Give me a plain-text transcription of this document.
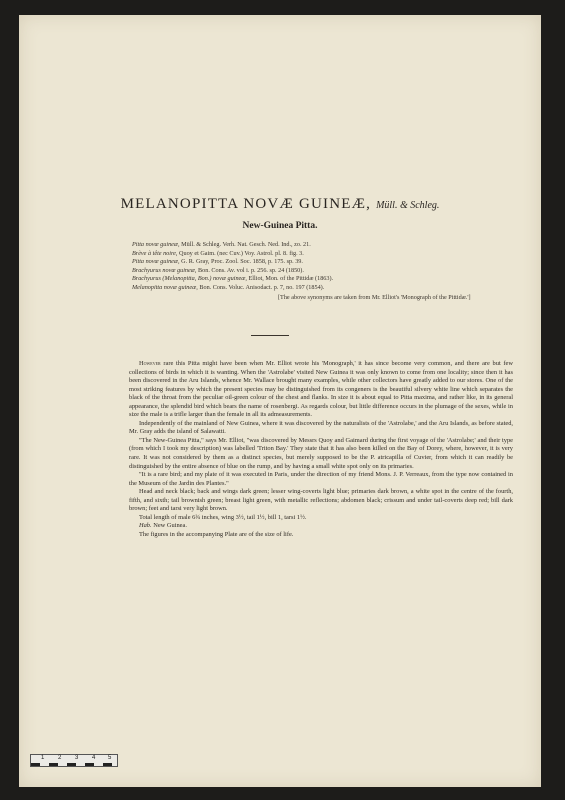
MELANOPITTA NOVÆ GUINEÆ, Müll. & Schleg.
New-Guinea Pitta.
Pitta novæ guineæ, Müll. & Schleg. Verh. Nat. Gesch. Ned. Ind., zo. 21.
Brève à tête noire, Quoy et Gaim. (nec Cuv.) Voy. Astrol. pl. 8. fig. 3.
Pitta novæ guineæ, G. R. Gray, Proc. Zool. Soc. 1858, p. 175. sp. 39.
Brachyurus novæ guineæ, Bon. Cons. Av. vol i. p. 256. sp. 24 (1850).
Brachyurus (Melanopitta, Bon.) novæ guineæ, Elliot, Mon. of the Pittidæ (1863).
Melanopitta novæ guineæ, Bon. Cons. Voluc. Anisodact. p. 7, no. 197 (1854).
[The above synonyms are taken from Mr. Elliot's 'Monograph of the Pittidæ.']

However rare this Pitta might have been when Mr. Elliot wrote his 'Monograph,' it has since become very common, and there are but few collections of birds in which it is wanting. When the 'Astrolabe' visited New Guinea it was only known to come from one locality; since then it has been discovered in the Aru Islands, whence Mr. Wallace brought many examples, while other collectors have greatly added to our stores. One of the most striking features by which the present species may be distinguished from its congeners is the beautiful silvery white line which separates the black of the throat from the peculiar oil-green colour of the chest and flanks. In size it is about equal to Pitta maxima, and rather like, in its general appearance, the splendid bird which bears the name of rosenbergi. As regards colour, but little difference occurs in the plumage of the sexes, while in size the male is a trifle larger than the female in all its admeasurements.

Independently of the mainland of New Guinea, where it was discovered by the naturalists of the 'Astrolabe,' and the Aru Islands, as before stated, Mr. Gray adds the island of Salawatti.

"The New-Guinea Pitta," says Mr. Elliot, "was discovered by Messrs Quoy and Gaimard during the first voyage of the 'Astrolabe;' and their type (from which I took my description) was labelled 'Triton Bay.' They state that it has also been killed on the Bay of Dorey, where, however, it is very rare. It was not considered by them as a distinct species, but merely supposed to be the P. atricapilla of Cuvier, from which it can readily be distinguished by the entire absence of blue on the rump, and by having a small white spot only on its primaries.

"It is a rare bird; and my plate of it was executed in Paris, under the direction of my friend Mons. J. P. Verreaux, from the type now contained in the Museum of the Jardin des Plantes."

Head and neck black; back and wings dark green; lesser wing-coverts light blue; primaries dark brown, a white spot in the centre of the fourth, fifth, and sixth; tail brownish green; breast light green, with metallic reflections; abdomen black; crissum and under tail-coverts deep red; bill dark brown; feet and tarsi very light brown.

Total length of male 6¾ inches, wing 3½, tail 1½, bill 1, tarsi 1½.

Hab. New Guinea.

The figures in the accompanying Plate are of the size of life.

1 2 3 4 5
